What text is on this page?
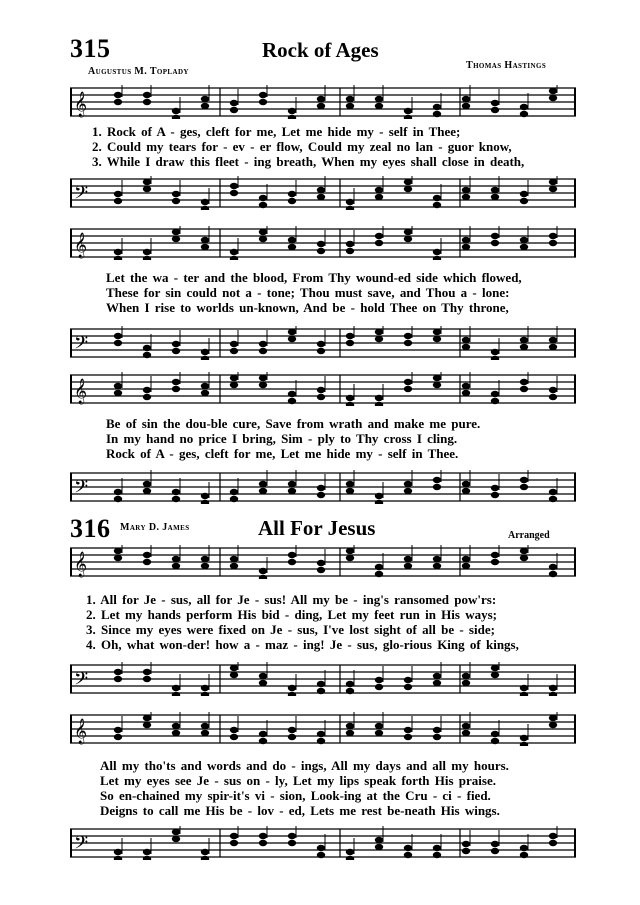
315	Rock of Ages
Augustus M. Toplady
Thomas Hastings
𝄞
1. Rock of A - ges, cleft for me, Let me hide my - self in Thee;
2. Could my tears for - ev - er flow, Could my zeal no lan - guor know,
3. While I draw this fleet - ing breath, When my eyes shall close in death,
𝄢
𝄞
Let the wa - ter and the blood, From Thy wound-ed side which flowed,
These for sin could not a - tone; Thou must save, and Thou a - lone:
When I rise to worlds un-known, And be - hold Thee on Thy throne,
𝄢
𝄞
Be of sin the dou-ble cure, Save from wrath and make me pure.
In my hand no price I bring, Sim - ply to Thy cross I cling.
Rock of A - ges, cleft for me, Let me hide my - self in Thee.
𝄢
316 Mary D. James	All For Jesus	Arranged
𝄞
1. All for Je - sus, all for Je - sus! All my be - ing's ransomed pow'rs:
2. Let my hands perform His bid - ding, Let my feet run in His ways;
3. Since my eyes were fixed on Je - sus, I've lost sight of all be - side;
4. Oh, what won-der! how a - maz - ing! Je - sus, glo-rious King of kings,
𝄢
𝄞
All my tho'ts and words and do - ings, All my days and all my hours.
Let my eyes see Je - sus on - ly, Let my lips speak forth His praise.
So en-chained my spir-it's vi - sion, Look-ing at the Cru - ci - fied.
Deigns to call me His be - lov - ed, Lets me rest be-neath His wings.
𝄢
